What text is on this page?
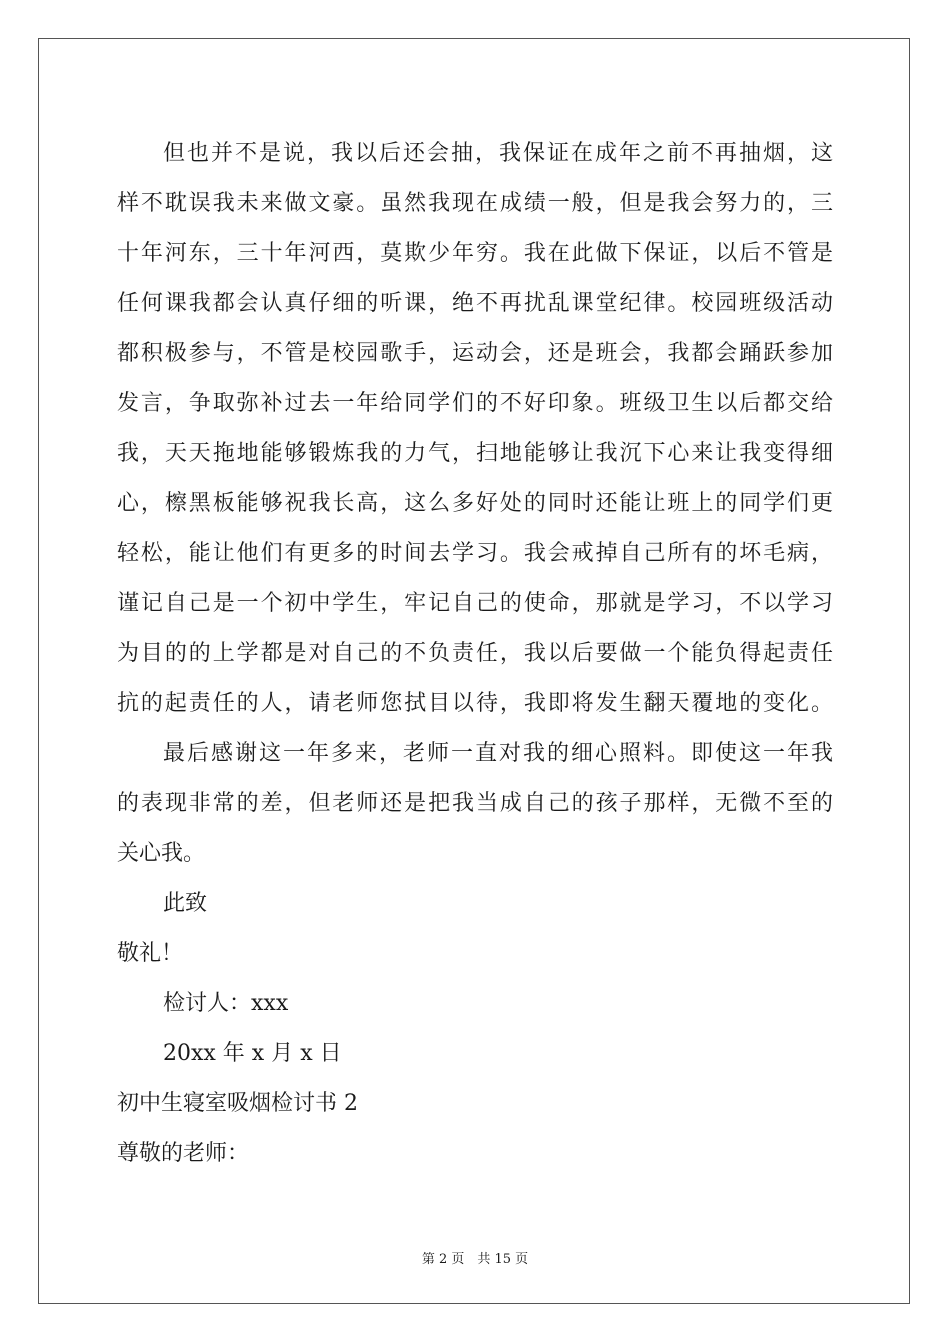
但也并不是说，我以后还会抽，我保证在成年之前不再抽烟，这

样不耽误我未来做文豪。虽然我现在成绩一般，但是我会努力的，三

十年河东，三十年河西，莫欺少年穷。我在此做下保证，以后不管是

任何课我都会认真仔细的听课，绝不再扰乱课堂纪律。校园班级活动

都积极参与，不管是校园歌手，运动会，还是班会，我都会踊跃参加

发言，争取弥补过去一年给同学们的不好印象。班级卫生以后都交给

我，天天拖地能够锻炼我的力气，扫地能够让我沉下心来让我变得细

心，檫黑板能够祝我长高，这么多好处的同时还能让班上的同学们更

轻松，能让他们有更多的时间去学习。我会戒掉自己所有的坏毛病，

谨记自己是一个初中学生，牢记自己的使命，那就是学习，不以学习

为目的的上学都是对自己的不负责任，我以后要做一个能负得起责任

抗的起责任的人，请老师您拭目以待，我即将发生翻天覆地的变化。

最后感谢这一年多来，老师一直对我的细心照料。即使这一年我

的表现非常的差，但老师还是把我当成自己的孩子那样，无微不至的

关心我。

此致

敬礼！

检讨人：xxx

20xx 年 x 月 x 日

初中生寝室吸烟检讨书 2

尊敬的老师：

第 2 页　共 15 页
